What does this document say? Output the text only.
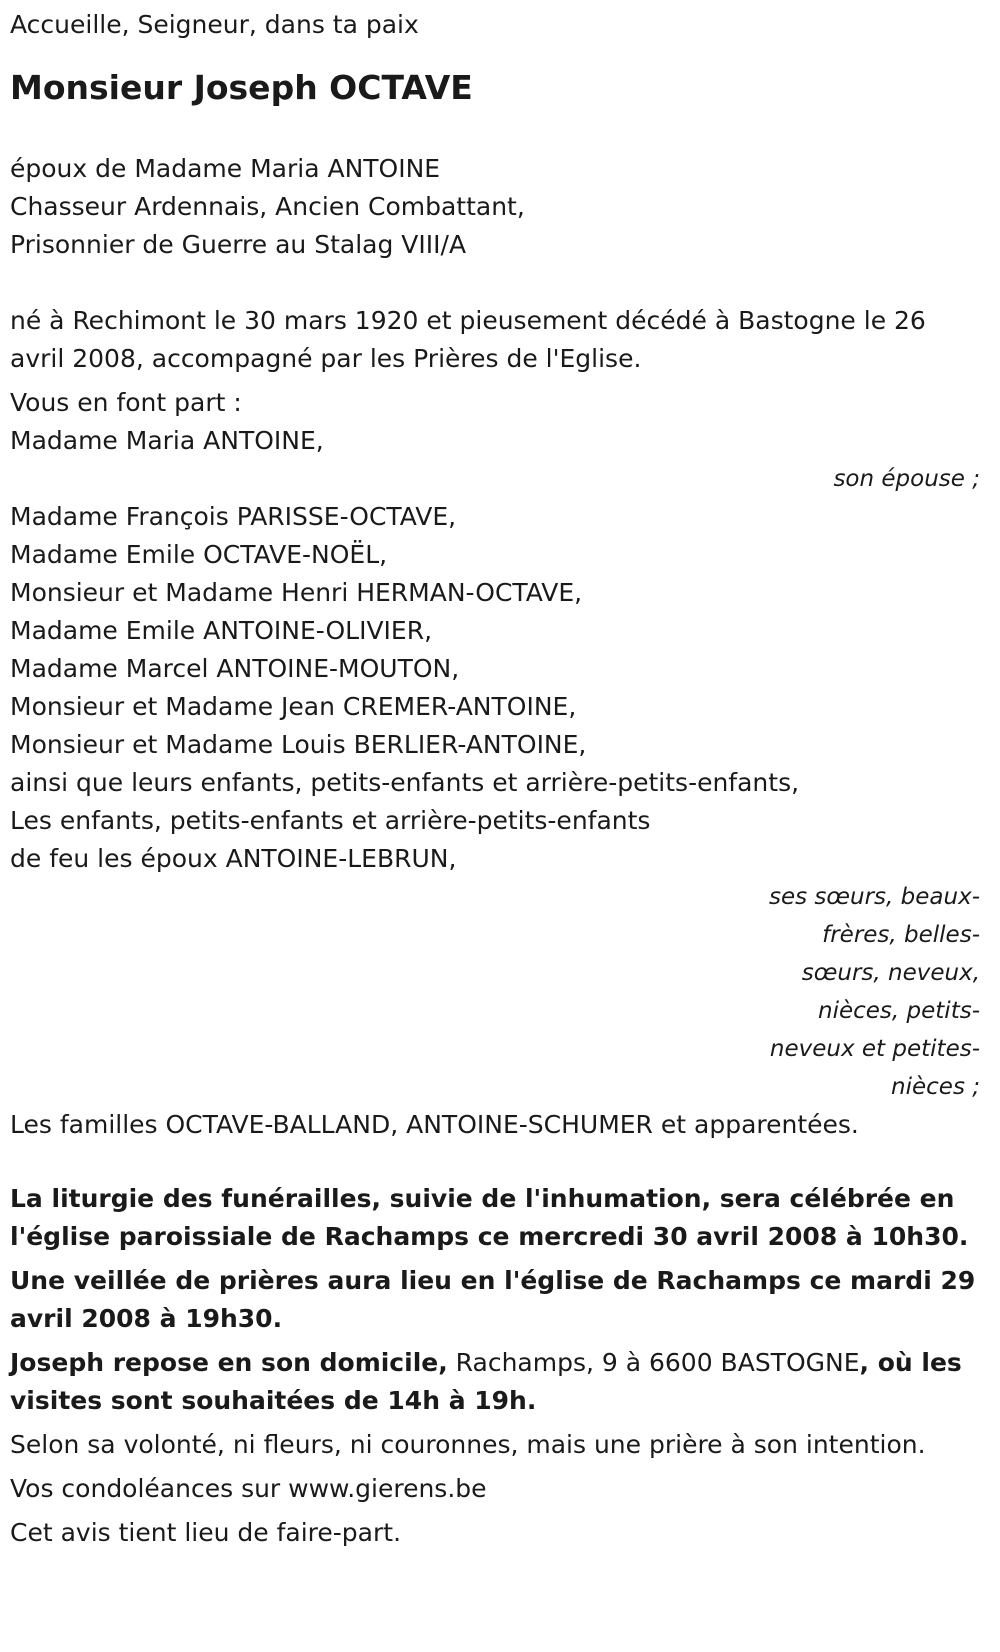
Accueille, Seigneur, dans ta paix
Monsieur Joseph OCTAVE
époux de Madame Maria ANTOINE
Chasseur Ardennais, Ancien Combattant,
Prisonnier de Guerre au Stalag VIII/A
né à Rechimont le 30 mars 1920 et pieusement décédé à Bastogne le 26
avril 2008, accompagné par les Prières de l'Eglise.
Vous en font part :
Madame Maria ANTOINE,
son épouse ;
Madame François PARISSE-OCTAVE,
Madame Emile OCTAVE-NOËL,
Monsieur et Madame Henri HERMAN-OCTAVE,
Madame Emile ANTOINE-OLIVIER,
Madame Marcel ANTOINE-MOUTON,
Monsieur et Madame Jean CREMER-ANTOINE,
Monsieur et Madame Louis BERLIER-ANTOINE,
ainsi que leurs enfants, petits-enfants et arrière-petits-enfants,
Les enfants, petits-enfants et arrière-petits-enfants
de feu les époux ANTOINE-LEBRUN,
ses sœurs, beaux-
frères, belles-
sœurs, neveux,
nièces, petits-
neveux et petites-
nièces ;
Les familles OCTAVE-BALLAND, ANTOINE-SCHUMER et apparentées.
La liturgie des funérailles, suivie de l'inhumation, sera célébrée en
l'église paroissiale de Rachamps ce mercredi 30 avril 2008 à 10h30.
Une veillée de prières aura lieu en l'église de Rachamps ce mardi 29
avril 2008 à 19h30.
Joseph repose en son domicile, Rachamps, 9 à 6600 BASTOGNE, où les
visites sont souhaitées de 14h à 19h.
Selon sa volonté, ni fleurs, ni couronnes, mais une prière à son intention.
Vos condoléances sur www.gierens.be
Cet avis tient lieu de faire-part.
